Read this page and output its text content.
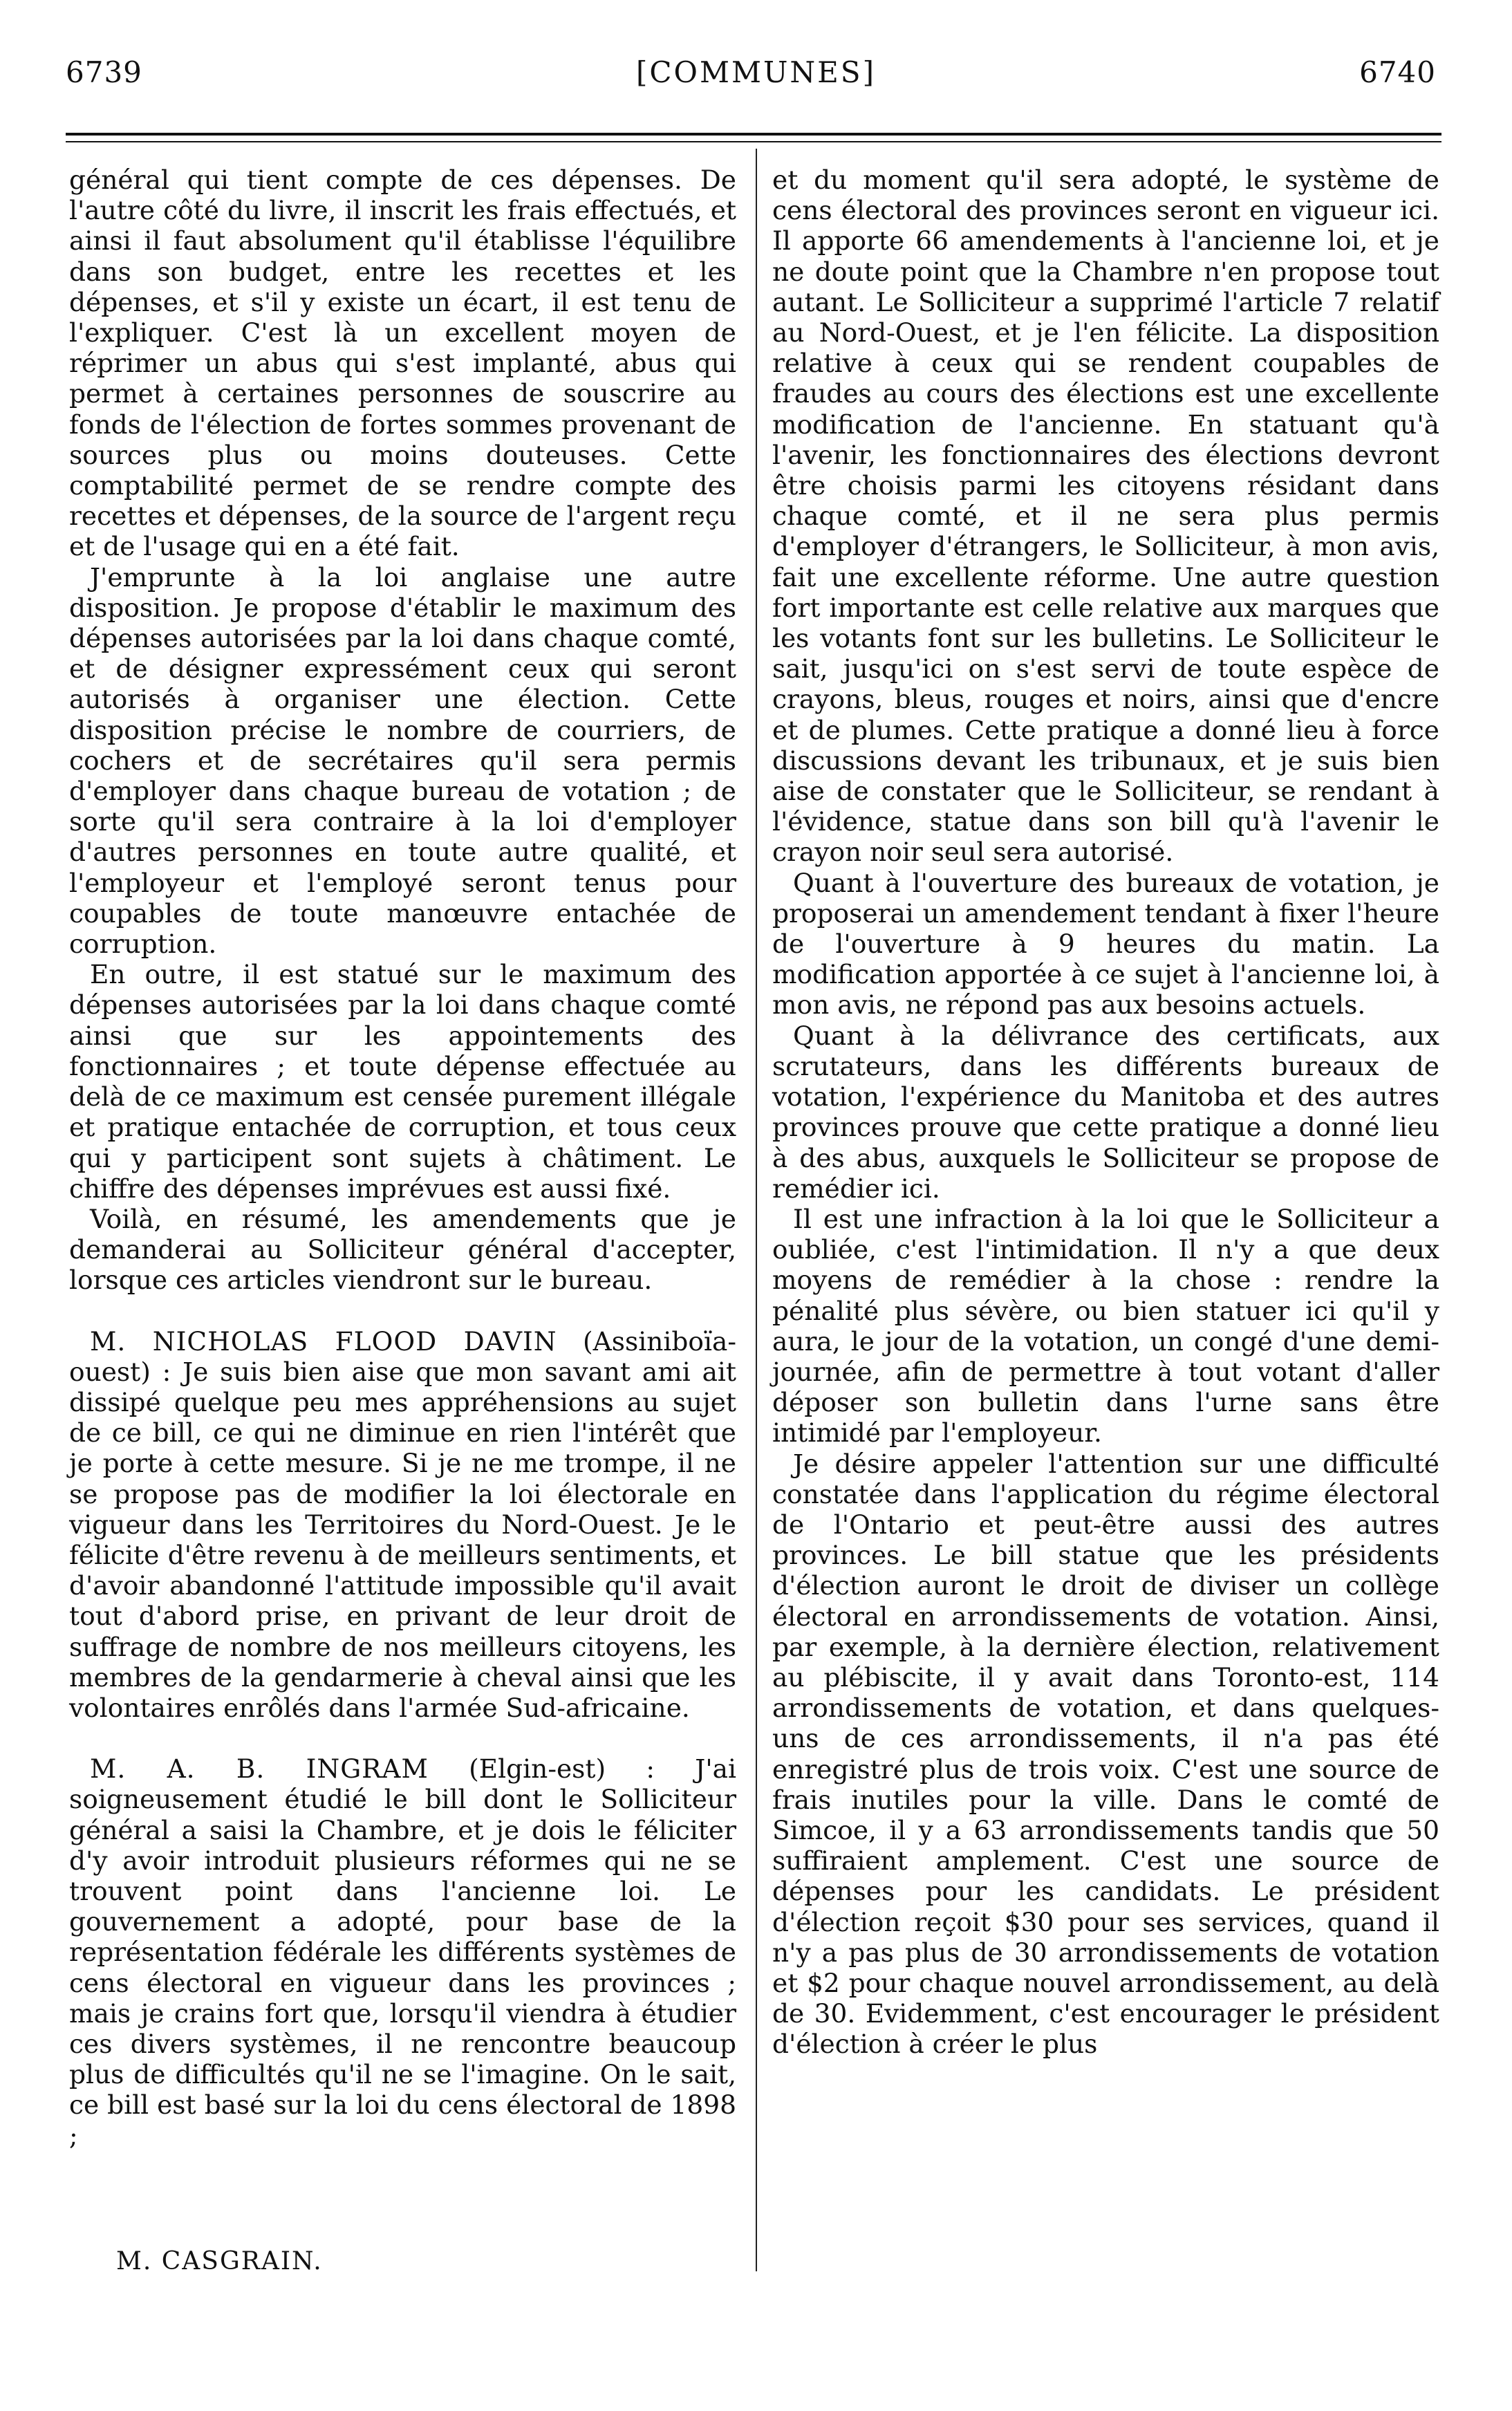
6739	[COMMUNES]	6740

général qui tient compte de ces dépenses. De l'autre côté du livre, il inscrit les frais effectués, et ainsi il faut absolument qu'il établisse l'équilibre dans son budget, entre les recettes et les dépenses, et s'il y existe un écart, il est tenu de l'expliquer. C'est là un excellent moyen de réprimer un abus qui s'est implanté, abus qui permet à certaines personnes de souscrire au fonds de l'élection de fortes sommes provenant de sources plus ou moins douteuses. Cette comptabilité permet de se rendre compte des recettes et dépenses, de la source de l'argent reçu et de l'usage qui en a été fait.

J'emprunte à la loi anglaise une autre disposition. Je propose d'établir le maximum des dépenses autorisées par la loi dans chaque comté, et de désigner expressément ceux qui seront autorisés à organiser une élection. Cette disposition précise le nombre de courriers, de cochers et de secrétaires qu'il sera permis d'employer dans chaque bureau de votation ; de sorte qu'il sera contraire à la loi d'employer d'autres personnes en toute autre qualité, et l'employeur et l'employé seront tenus pour coupables de toute manœuvre entachée de corruption.

En outre, il est statué sur le maximum des dépenses autorisées par la loi dans chaque comté ainsi que sur les appointements des fonctionnaires ; et toute dépense effectuée au delà de ce maximum est censée purement illégale et pratique entachée de corruption, et tous ceux qui y participent sont sujets à châtiment. Le chiffre des dépenses imprévues est aussi fixé.

Voilà, en résumé, les amendements que je demanderai au Solliciteur général d'accepter, lorsque ces articles viendront sur le bureau.

M. NICHOLAS FLOOD DAVIN (Assiniboïa-ouest) : Je suis bien aise que mon savant ami ait dissipé quelque peu mes appréhensions au sujet de ce bill, ce qui ne diminue en rien l'intérêt que je porte à cette mesure. Si je ne me trompe, il ne se propose pas de modifier la loi électorale en vigueur dans les Territoires du Nord-Ouest. Je le félicite d'être revenu à de meilleurs sentiments, et d'avoir abandonné l'attitude impossible qu'il avait tout d'abord prise, en privant de leur droit de suffrage de nombre de nos meilleurs citoyens, les membres de la gendarmerie à cheval ainsi que les volontaires enrôlés dans l'armée Sud-africaine.

M. A. B. INGRAM (Elgin-est) : J'ai soigneusement étudié le bill dont le Solliciteur général a saisi la Chambre, et je dois le féliciter d'y avoir introduit plusieurs réformes qui ne se trouvent point dans l'ancienne loi. Le gouvernement a adopté, pour base de la représentation fédérale les différents systèmes de cens électoral en vigueur dans les provinces ; mais je crains fort que, lorsqu'il viendra à étudier ces divers systèmes, il ne rencontre beaucoup plus de difficultés qu'il ne se l'imagine. On le sait, ce bill est basé sur la loi du cens électoral de 1898 ;

et du moment qu'il sera adopté, le système de cens électoral des provinces seront en vigueur ici. Il apporte 66 amendements à l'ancienne loi, et je ne doute point que la Chambre n'en propose tout autant. Le Solliciteur a supprimé l'article 7 relatif au Nord-Ouest, et je l'en félicite. La disposition relative à ceux qui se rendent coupables de fraudes au cours des élections est une excellente modification de l'ancienne. En statuant qu'à l'avenir, les fonctionnaires des élections devront être choisis parmi les citoyens résidant dans chaque comté, et il ne sera plus permis d'employer d'étrangers, le Solliciteur, à mon avis, fait une excellente réforme. Une autre question fort importante est celle relative aux marques que les votants font sur les bulletins. Le Solliciteur le sait, jusqu'ici on s'est servi de toute espèce de crayons, bleus, rouges et noirs, ainsi que d'encre et de plumes. Cette pratique a donné lieu à force discussions devant les tribunaux, et je suis bien aise de constater que le Solliciteur, se rendant à l'évidence, statue dans son bill qu'à l'avenir le crayon noir seul sera autorisé.

Quant à l'ouverture des bureaux de votation, je proposerai un amendement tendant à fixer l'heure de l'ouverture à 9 heures du matin. La modification apportée à ce sujet à l'ancienne loi, à mon avis, ne répond pas aux besoins actuels.

Quant à la délivrance des certificats, aux scrutateurs, dans les différents bureaux de votation, l'expérience du Manitoba et des autres provinces prouve que cette pratique a donné lieu à des abus, auxquels le Solliciteur se propose de remédier ici.

Il est une infraction à la loi que le Solliciteur a oubliée, c'est l'intimidation. Il n'y a que deux moyens de remédier à la chose : rendre la pénalité plus sévère, ou bien statuer ici qu'il y aura, le jour de la votation, un congé d'une demi-journée, afin de permettre à tout votant d'aller déposer son bulletin dans l'urne sans être intimidé par l'employeur.

Je désire appeler l'attention sur une difficulté constatée dans l'application du régime électoral de l'Ontario et peut-être aussi des autres provinces. Le bill statue que les présidents d'élection auront le droit de diviser un collège électoral en arrondissements de votation. Ainsi, par exemple, à la dernière élection, relativement au plébiscite, il y avait dans Toronto-est, 114 arrondissements de votation, et dans quelques-uns de ces arrondissements, il n'a pas été enregistré plus de trois voix. C'est une source de frais inutiles pour la ville. Dans le comté de Simcoe, il y a 63 arrondissements tandis que 50 suffiraient amplement. C'est une source de dépenses pour les candidats. Le président d'élection reçoit $30 pour ses services, quand il n'y a pas plus de 30 arrondissements de votation et $2 pour chaque nouvel arrondissement, au delà de 30. Evidemment, c'est encourager le président d'élection à créer le plus

M. CASGRAIN.
